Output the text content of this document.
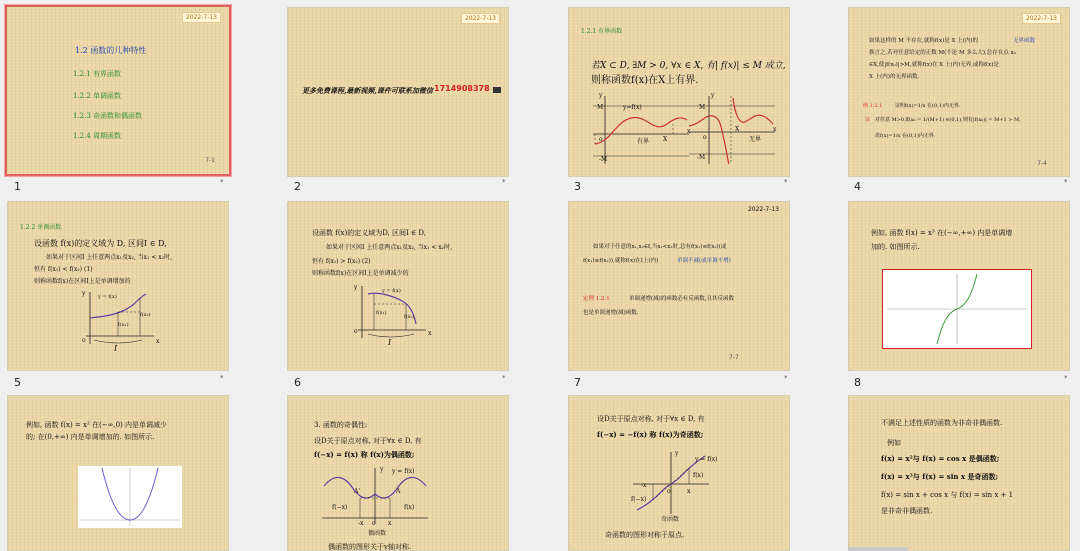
2022-7-13
1.2 函数的几种特性
1.2.1 有界函数
1.2.2 单调函数
1.2.3 奇函数和偶函数
1.2.4 周期函数
7-1
1	*
2022-7-13
更多免费课程,最新视频,课件可联系加微信 1714908378
2	*
1.2.1 有界函数
若X ⊂ D, ∃M > 0, ∀x ∈ X, 有| f(x)| ≤ M 成立,
则称函数f(x)在X上有界.
y
M	y=f(x)
o	有界 X
x
-M
y
M
o
X
无界
x
-M
3	*
2022-7-13
如果这样的 M 不存在,就称f(x)是 X 上(内)的	无界函数
换言之,若对任意给定的正数 M(不论 M 多么大),总存在点 x₀
∈X,使|f(x₀)|>M,就称f(x)在 X 上(内)无界,或称f(x)是
X 上(内)的无界函数.
例 1.2.1	证明f(x)=1/x 在(0,1)内无界.
证 对任意 M>0,取x₀ = 1/(M+1) ∈(0,1),则有|f(x₀)| = M+1 > M,
故f(x)=1/x 在(0,1)内无界.
7-4
4	*
1.2.2 单调函数
设函数 f(x)的定义域为 D, 区间I ∈ D,
如果对于区间I 上任意两点x₁及x₂, 当x₁ < x₂时,
恒有 f(x₁) < f(x₂) (1)
则称函数f(x)在区间I上是单调增加的
y	y = f(x)
f(x₁)
f(x₂)
o	x
I
5	*
设函数 f(x)的定义域为D, 区间I ∈ D,
如果对于区间I 上任意两点x₁及x₂, 当x₁ < x₂时,
恒有 f(x₁) > f(x₂) (2)
则称函数f(x)在区间I上是单调减少的
y	y = f(x)
f(x₁)
f(x₂)
o	x
I
6	*
2022-7-13
如果对于任意的x₁,x₂∈I,当x₁<x₂时,总有f(x₁)≤f(x₂)(或
f(x₁)≥f(x₂)),就称f(x)在I上(内)	单调不减(或单调不增)
定理 1.2.1	单调递增(减)的函数必有反函数,且其反函数
也是单调递增(减)函数.
7-7
7	*
例如, 函数 f(x) = x³ 在(−∞,+∞) 内是单调增
加的. 如图所示.
8	*
例如, 函数 f(x) = x² 在(−∞,0) 内是单调减少
的; 在(0,+∞) 内是单调增加的. 如图所示.
3. 函数的奇偶性:
设D关于原点对称, 对于∀x ∈ D, 有
f(−x) = f(x) 称 f(x)为偶函数;
y y = f(x)
A'	A
f(−x)	f(x)
-x o x
偶函数
偶函数的图形关于y轴对称.
设D关于原点对称, 对于∀x ∈ D, 有
f(−x) = −f(x) 称 f(x)为奇函数;
y
y = f(x)
f(x)
-x
o	x
f(−x)
奇函数
奇函数的图形对称于原点.
不满足上述性质的函数为非奇非偶函数.
例如
f(x) = x²与 f(x) = cos x 是偶函数;
f(x) = x³与 f(x) = sin x 是奇函数;
f(x) = sin x + cos x 与 f(x) = sin x + 1
是非奇非偶函数.
